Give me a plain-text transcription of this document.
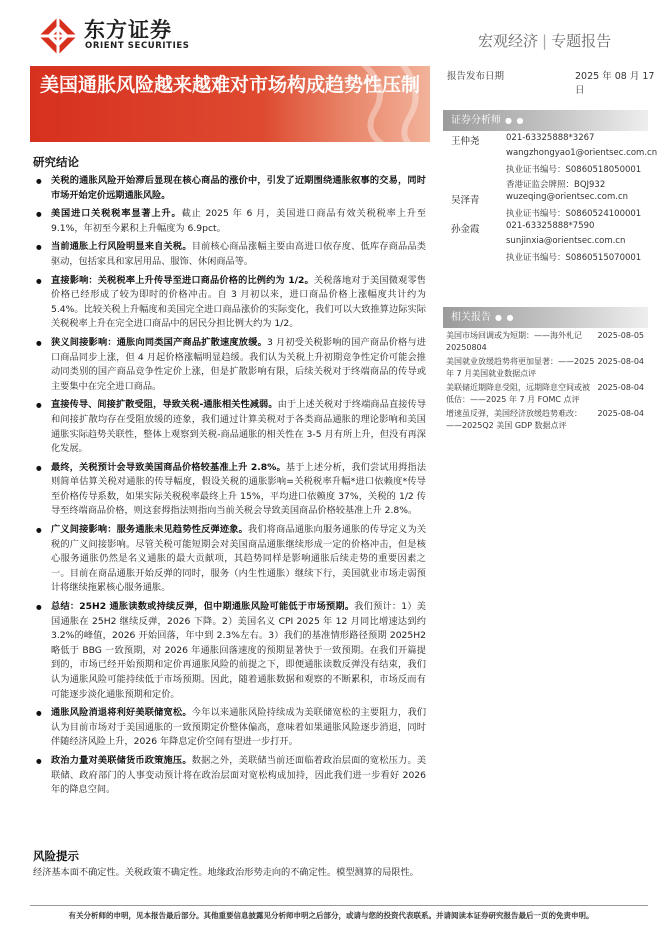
东方证券
ORIENT SECURITIES	宏观经济 | 专题报告
美国通胀风险越来越难对市场构成趋势性压制	报告发布日期	2025 年 08 月 17 日
证券分析师 ● ●
王仲尧	021-63325888*3267
wangzhongyao1@orientsec.com.cn
执业证书编号：S0860518050001
香港证监会牌照：BQJ932
吴泽青	wuzeqing@orientsec.com.cn
执业证书编号：S0860524100001
孙金霞	021-63325888*7590
sunjinxia@orientsec.com.cn
执业证书编号：S0860515070001
相关报告 ● ●
美国市场回调或为短期：——海外札记 20250804
2025-08-05
美国就业放缓趋势将更加显著：——2025 年 7 月美国就业数据点评
2025-08-04
美联储近期降息受阻，远期降息空间或被低估：——2025 年 7 月 FOMC 点评
2025-08-04
增速虽反弹，美国经济放缓趋势难改：——2025Q2 美国 GDP 数据点评
2025-08-04
研究结论
● 关税的通胀风险开始滞后显现在核心商品的涨价中，引发了近期围绕通胀叙事的交易，同时市场开始定价远期通胀风险。
● 美国进口关税税率显著上升。截止 2025 年 6 月，美国进口商品有效关税税率上升至 9.1%，年初至今累积上升幅度为 6.9pct。
● 当前通胀上行风险明显来自关税。目前核心商品涨幅主要由高进口依存度、低库存商品品类驱动，包括家具和家居用品、服饰、休闲商品等。
● 直接影响：关税税率上升传导至进口商品价格的比例约为 1/2。关税落地对于美国微观零售价格已经形成了较为即时的价格冲击。自 3 月初以来，进口商品价格上涨幅度共计约为 5.4%。比较关税上升幅度和美国完全进口商品涨价的实际变化，我们可以大致推算边际实际关税税率上升在完全进口商品中的居民分担比例大约为 1/2。
● 狭义间接影响：通胀向同类国产商品扩散速度放缓。3 月初受关税影响的国产商品价格与进口商品同步上涨，但 4 月起价格涨幅明显趋缓。我们认为关税上升初期竞争性定价可能会推动同类别的国产商品竞争性定价上涨，但是扩散影响有限，后续关税对于终端商品的传导或主要集中在完全进口商品。
● 直接传导、间接扩散受阻，导致关税-通胀相关性减弱。由于上述关税对于终端商品直接传导和间接扩散均存在受阻放缓的迹象，我们通过计算美税对于各类商品通胀的理论影响和美国通胀实际趋势关联性，整体上观察到关税-商品通胀的相关性在 3-5 月有所上升，但没有再深化发展。
● 最终，关税预计会导致美国商品价格较基准上升 2.8%。基于上述分析，我们尝试用拇指法则简单估算关税对通胀的传导幅度，假设关税的通胀影响=关税税率升幅*进口依赖度*传导至价格传导系数，如果实际关税税率最终上升 15%，平均进口依赖度 37%，关税的 1/2 传导至终端商品价格，则这套拇指法则指向当前关税会导致美国商品价格较基准上升 2.8%。
● 广义间接影响：服务通胀未见趋势性反弹迹象。我们将商品通胀向服务通胀的传导定义为关税的广义间接影响。尽管关税可能短期会对美国商品通胀继续形成一定的价格冲击，但是核心服务通胀仍然是名义通胀的最大贡献项，其趋势同样是影响通胀后续走势的重要因素之一。目前在商品通胀开始反弹的同时，服务（内生性通胀）继续下行，美国就业市场走弱预计将继续拖累核心服务通胀。
● 总结：25H2 通胀读数或持续反弹，但中期通胀风险可能低于市场预期。我们预计：1）美国通胀在 25H2 继续反弹，2026 下降。2）美国名义 CPI 2025 年 12 月同比增速达到约 3.2%的峰值，2026 开始回落，年中到 2.3%左右。3）我们的基准情形路径预期 2025H2 略低于 BBG 一致预期，对 2026 年通胀回落速度的预期显著快于一致预期。在我们开篇提到的，市场已经开始预期和定价再通胀风险的前提之下，即便通胀读数反弹没有结束，我们认为通胀风险可能持续低于市场预期。因此，随着通胀数据和观察的不断累积，市场反而有可能逐步淡化通胀预期和定价。
● 通胀风险消退将利好美联储宽松。今年以来通胀风险持续成为美联储宽松的主要阻力，我们认为目前市场对于美国通胀的一致预期定价整体偏高，意味着如果通胀风险逐步消退，同时伴随经济风险上升，2026 年降息定价空间有望进一步打开。
● 政治力量对美联储货币政策施压。数据之外，美联储当前还面临着政治层面的宽松压力。美联储、政府部门的人事变动预计将在政治层面对宽松构成加持，因此我们进一步看好 2026 年的降息空间。
风险提示
经济基本面不确定性。关税政策不确定性。地缘政治形势走向的不确定性。模型测算的局限性。
有关分析师的申明，见本报告最后部分。其他重要信息披露见分析师申明之后部分，或请与您的投资代表联系。并请阅读本证券研究报告最后一页的免责申明。
